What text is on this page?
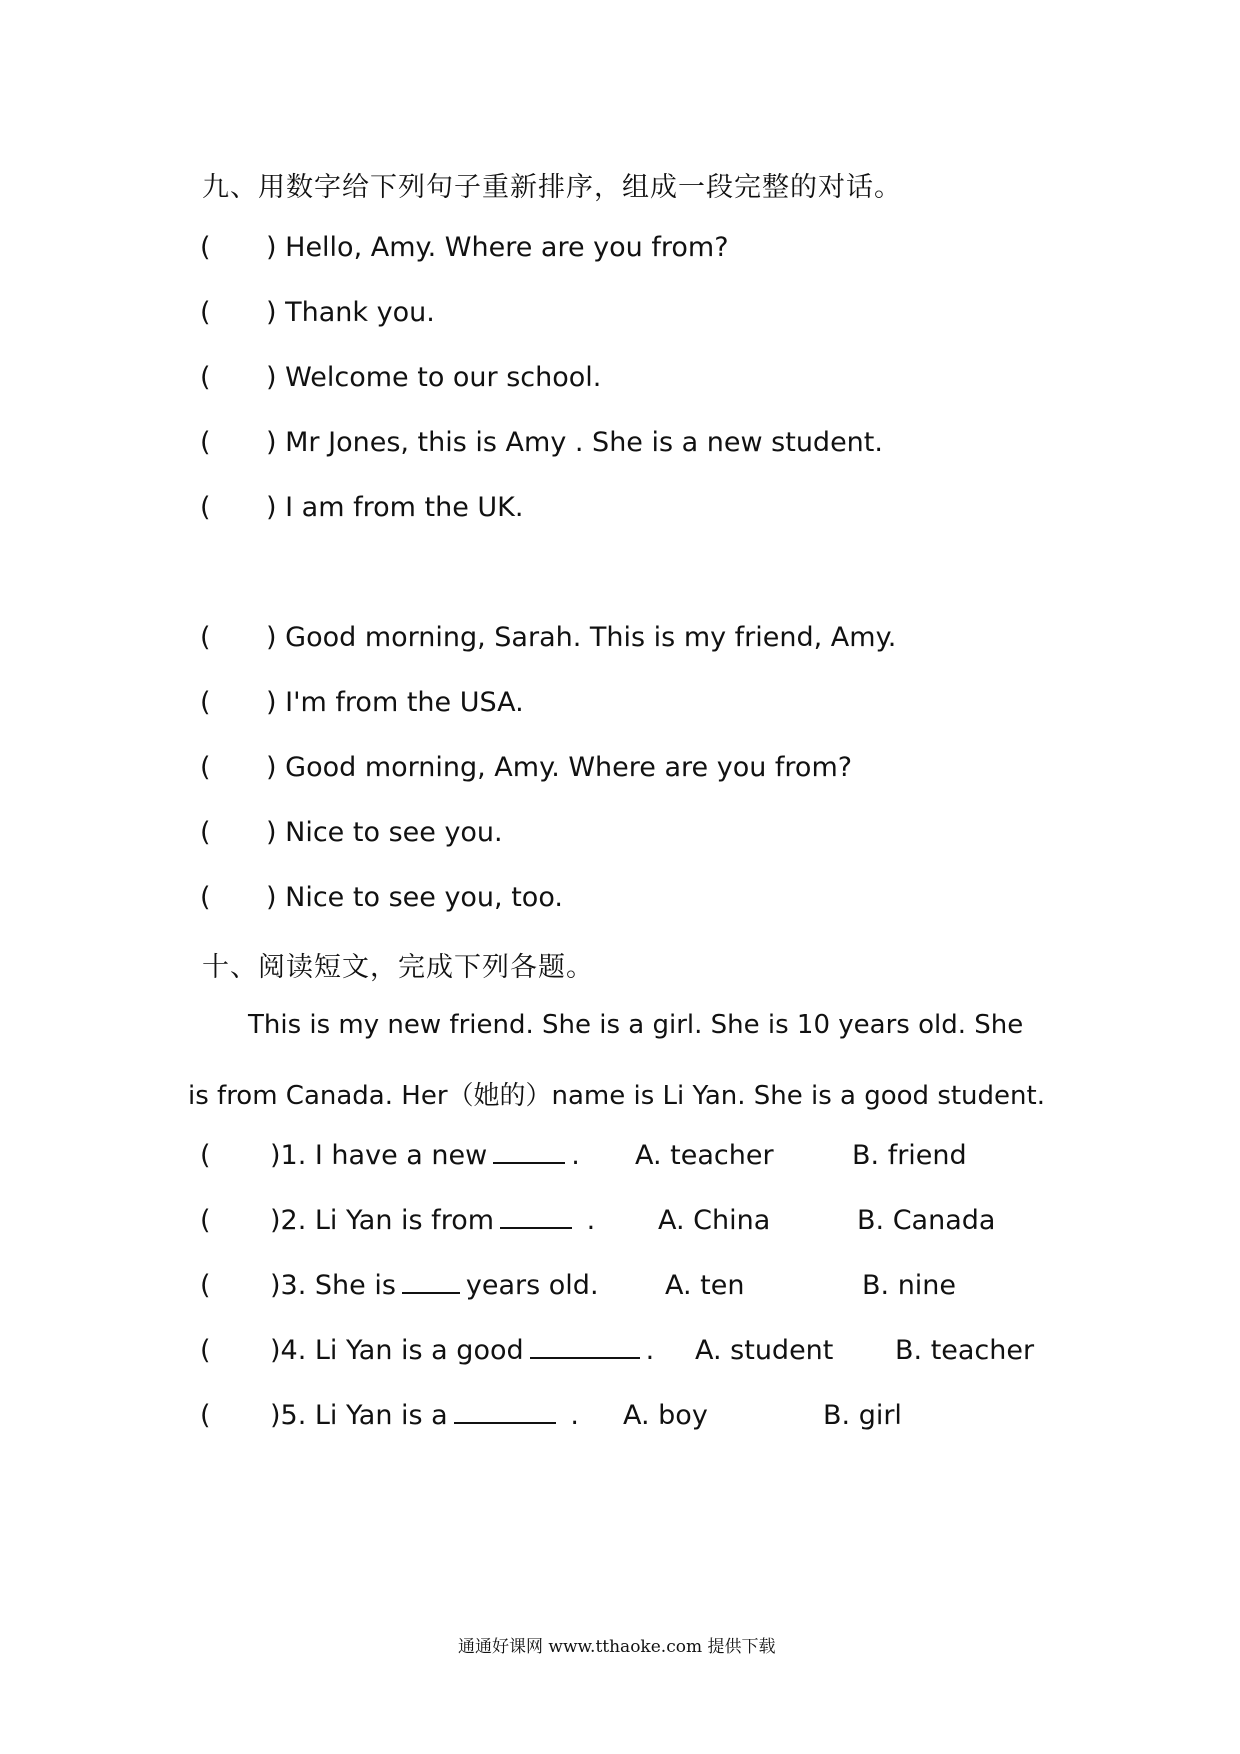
九、用数字给下列句子重新排序，组成一段完整的对话。
( ) Hello, Amy. Where are you from?
( ) Thank you.
( ) Welcome to our school.
( ) Mr Jones, this is Amy . She is a new student.
( ) I am from the UK.
( ) Good morning, Sarah. This is my friend, Amy.
( ) I'm from the USA.
( ) Good morning, Amy. Where are you from?
( ) Nice to see you.
( ) Nice to see you, too.
十、阅读短文，完成下列各题。
This is my new friend. She is a girl. She is 10 years old. She
is from Canada. Her（她的）name is Li Yan. She is a good student.
( )1. I have a new	. A. teacher	B. friend
( )2. Li Yan is from	. A. China	B. Canada
( )3. She is	years old. A. ten	B. nine
( )4. Li Yan is a good	. A. student B. teacher
( )5. Li Yan is a	. A. boy	B. girl
通通好课网 www.tthaoke.com 提供下载
